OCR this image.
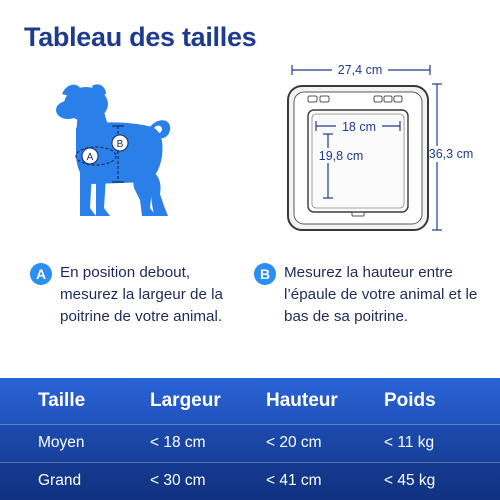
Tableau des tailles
A
B
27,4 cm
36,3 cm
18 cm
19,8 cm
A En position debout, mesurez la largeur de la poitrine de votre animal.
B Mesurez la hauteur entre l’épaule de votre animal et le bas de sa poitrine.
Taille	Largeur Hauteur Poids
Moyen	< 18 cm	< 20 cm	< 11 kg
Grand	< 30 cm	< 41 cm	< 45 kg
